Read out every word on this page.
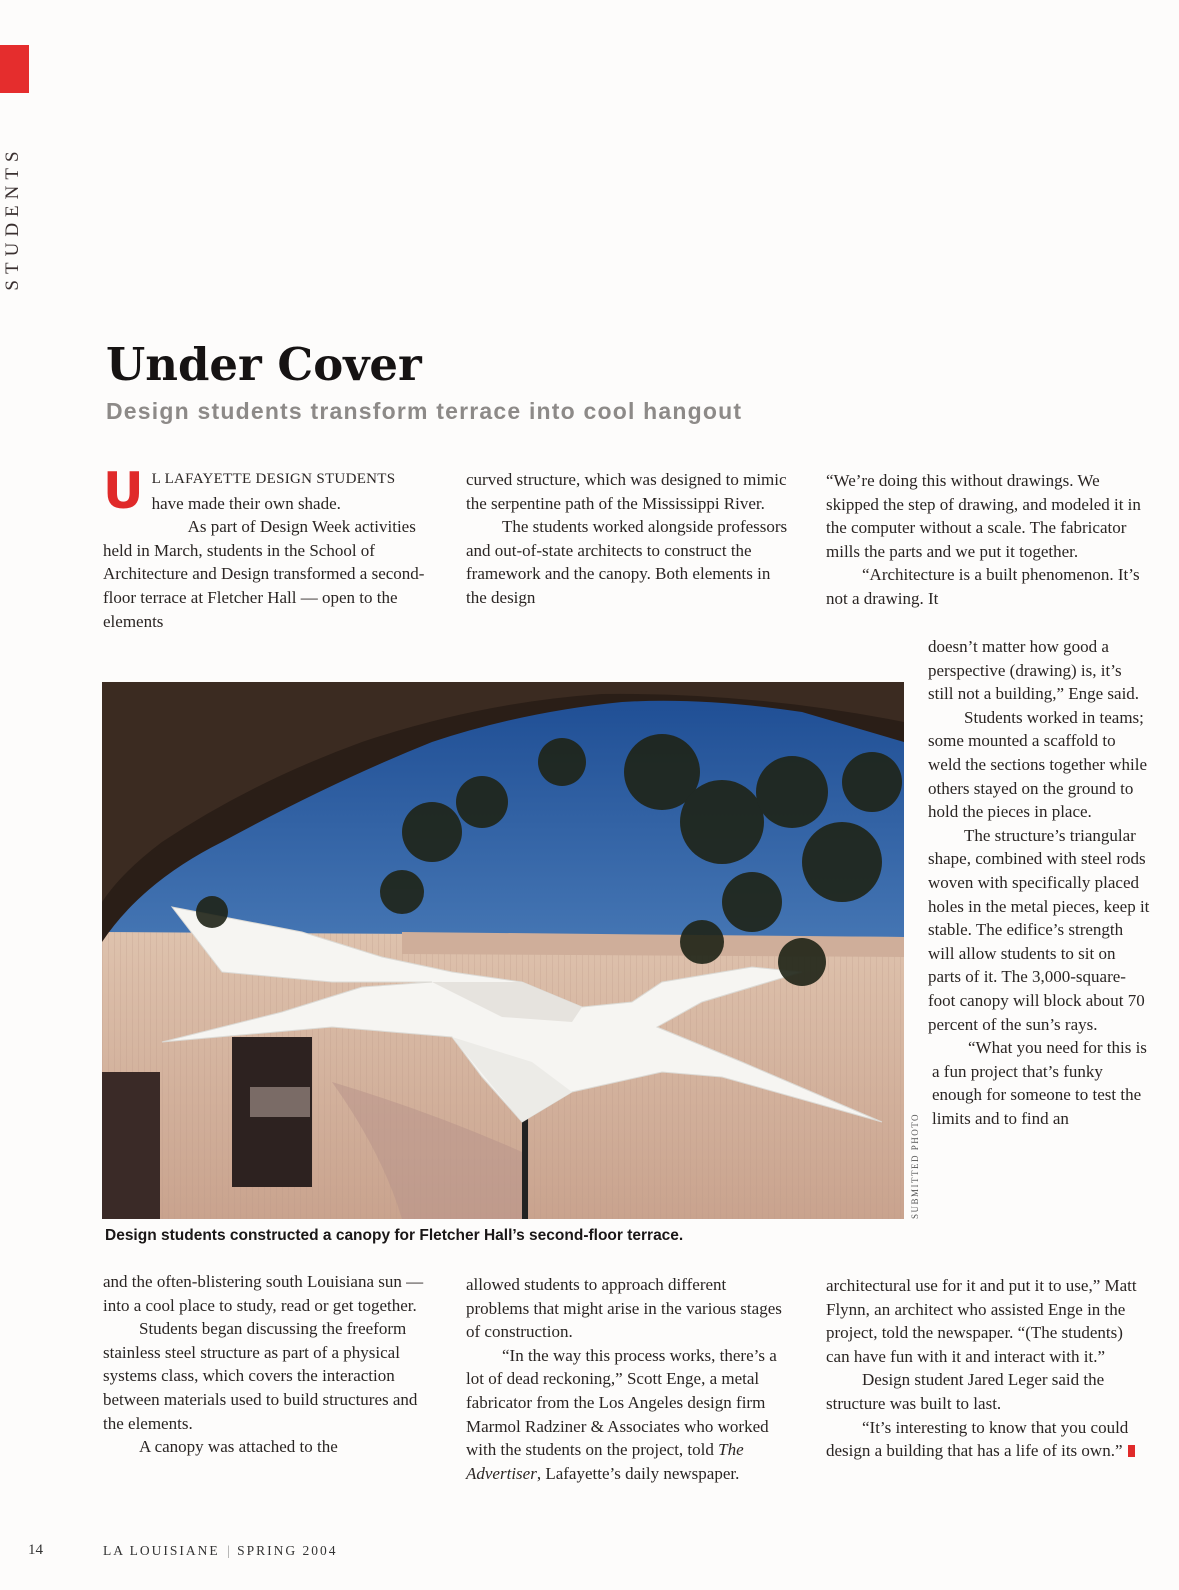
STUDENTS
Under Cover
Design students transform terrace into cool hangout

U L LAFAYETTE DESIGN STUDENTS have made their own shade.

As part of Design Week activities held in March, students in the School of Architecture and Design transformed a second-floor terrace at Fletcher Hall — open to the elements

curved structure, which was designed to mimic the serpentine path of the Mississippi River.

The students worked alongside professors and out-of-state architects to construct the framework and the canopy. Both elements in the design

“We’re doing this without drawings. We skipped the step of drawing, and modeled it in the computer without a scale. The fabricator mills the parts and we put it together.

“Architecture is a built phenomenon. It’s not a drawing. It

doesn’t matter how good a perspective (drawing) is, it’s still not a building,” Enge said.

Students worked in teams; some mounted a scaffold to weld the sections together while others stayed on the ground to hold the pieces in place.

The structure’s triangular shape, combined with steel rods woven with specifically placed holes in the metal pieces, keep it stable. The edifice’s strength will allow students to sit on parts of it. The 3,000-square-foot canopy will block about 70 percent of the sun’s rays.

“What you need for this is a fun project that’s funky enough for someone to test the limits and to find an

architectural use for it and put it to use,” Matt Flynn, an architect who assisted Enge in the project, told the newspaper. “(The students) can have fun with it and interact with it.”

Design student Jared Leger said the structure was built to last.

“It’s interesting to know that you could design a building that has a life of its own.”

and the often-blistering south Louisiana sun — into a cool place to study, read or get together.

Students began discussing the freeform stainless steel structure as part of a physical systems class, which covers the interaction between materials used to build structures and the elements.

A canopy was attached to the

allowed students to approach different problems that might arise in the various stages of construction.

“In the way this process works, there’s a lot of dead reckoning,” Scott Enge, a metal fabricator from the Los Angeles design firm Marmol Radziner & Associates who worked with the students on the project, told The Advertiser, Lafayette’s daily newspaper.

SUBMITTED PHOTO

Design students constructed a canopy for Fletcher Hall’s second-floor terrace.

14	LA LOUISIANE | SPRING 2004
